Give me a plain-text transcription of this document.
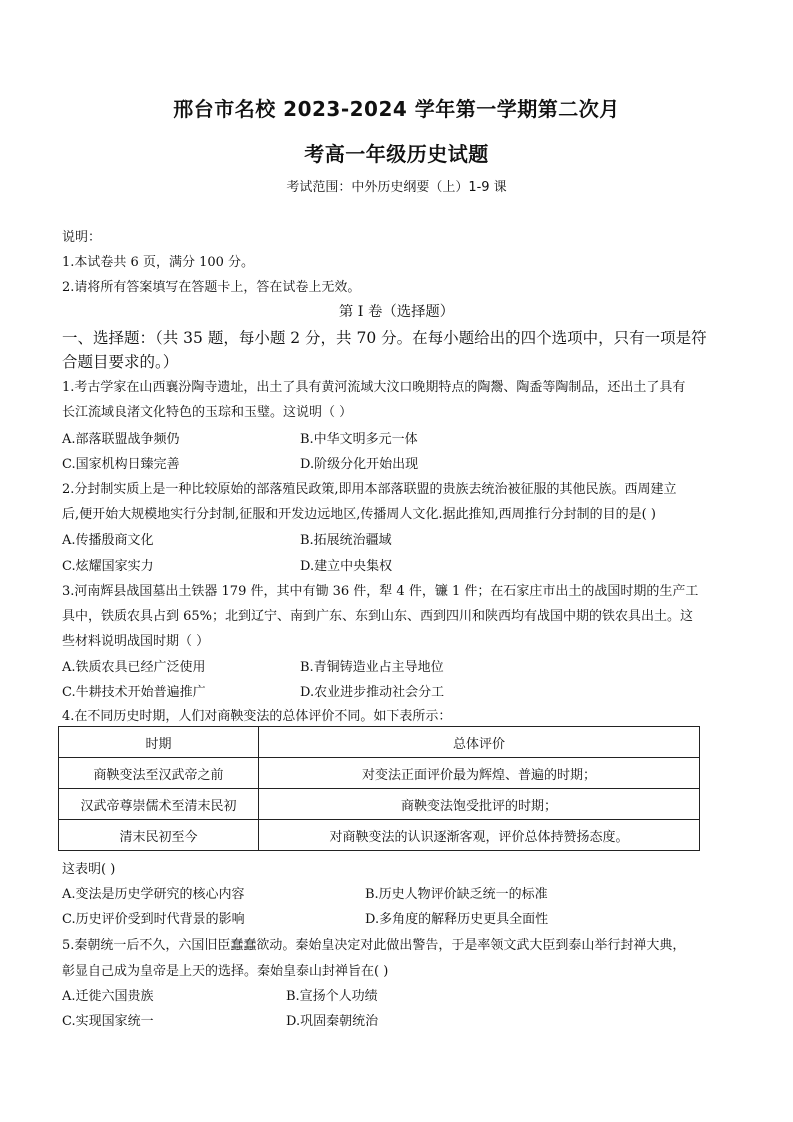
邢台市名校 2023-2024 学年第一学期第二次月
考高一年级历史试题
考试范围：中外历史纲要（上）1-9 课
说明：
1.本试卷共 6 页，满分 100 分。
2.请将所有答案填写在答题卡上，答在试卷上无效。
第 I 卷（选择题）
一、选择题：（共 35 题，每小题 2 分，共 70 分。在每小题给出的四个选项中，只有一项是符
合题目要求的。）
1.考古学家在山西襄汾陶寺遗址，出土了具有黄河流域大汶口晚期特点的陶鬶、陶盉等陶制品，还出土了具有
长江流域良渚文化特色的玉琮和玉璧。这说明（ ）
A.部落联盟战争频仍	B.中华文明多元一体
C.国家机构日臻完善	D.阶级分化开始出现
2.分封制实质上是一种比较原始的部落殖民政策,即用本部落联盟的贵族去统治被征服的其他民族。西周建立
后,便开始大规模地实行分封制,征服和开发边远地区,传播周人文化.据此推知,西周推行分封制的目的是( )
A.传播殷商文化	B.拓展统治疆域
C.炫耀国家实力	D.建立中央集权
3.河南辉县战国墓出土铁器 179 件，其中有锄 36 件，犁 4 件，镰 1 件；在石家庄市出土的战国时期的生产工
具中，铁质农具占到 65%；北到辽宁、南到广东、东到山东、西到四川和陕西均有战国中期的铁农具出土。这
些材料说明战国时期（ ）
A.铁质农具已经广泛使用	B.青铜铸造业占主导地位
C.牛耕技术开始普遍推广	D.农业进步推动社会分工
4.在不同历史时期，人们对商鞅变法的总体评价不同。如下表所示：
时期	总体评价
商鞅变法至汉武帝之前	对变法正面评价最为辉煌、普遍的时期；
汉武帝尊崇儒术至清末民初	商鞅变法饱受批评的时期；
清末民初至今	对商鞅变法的认识逐渐客观，评价总体持赞扬态度。
这表明( )
A.变法是历史学研究的核心内容	B.历史人物评价缺乏统一的标准
C.历史评价受到时代背景的影响	D.多角度的解释历史更具全面性
5.秦朝统一后不久，六国旧臣蠢蠢欲动。秦始皇决定对此做出警告，于是率领文武大臣到泰山举行封禅大典，
彰显自己成为皇帝是上天的选择。秦始皇泰山封禅旨在( )
A.迁徙六国贵族	B.宣扬个人功绩
C.实现国家统一	D.巩固秦朝统治
